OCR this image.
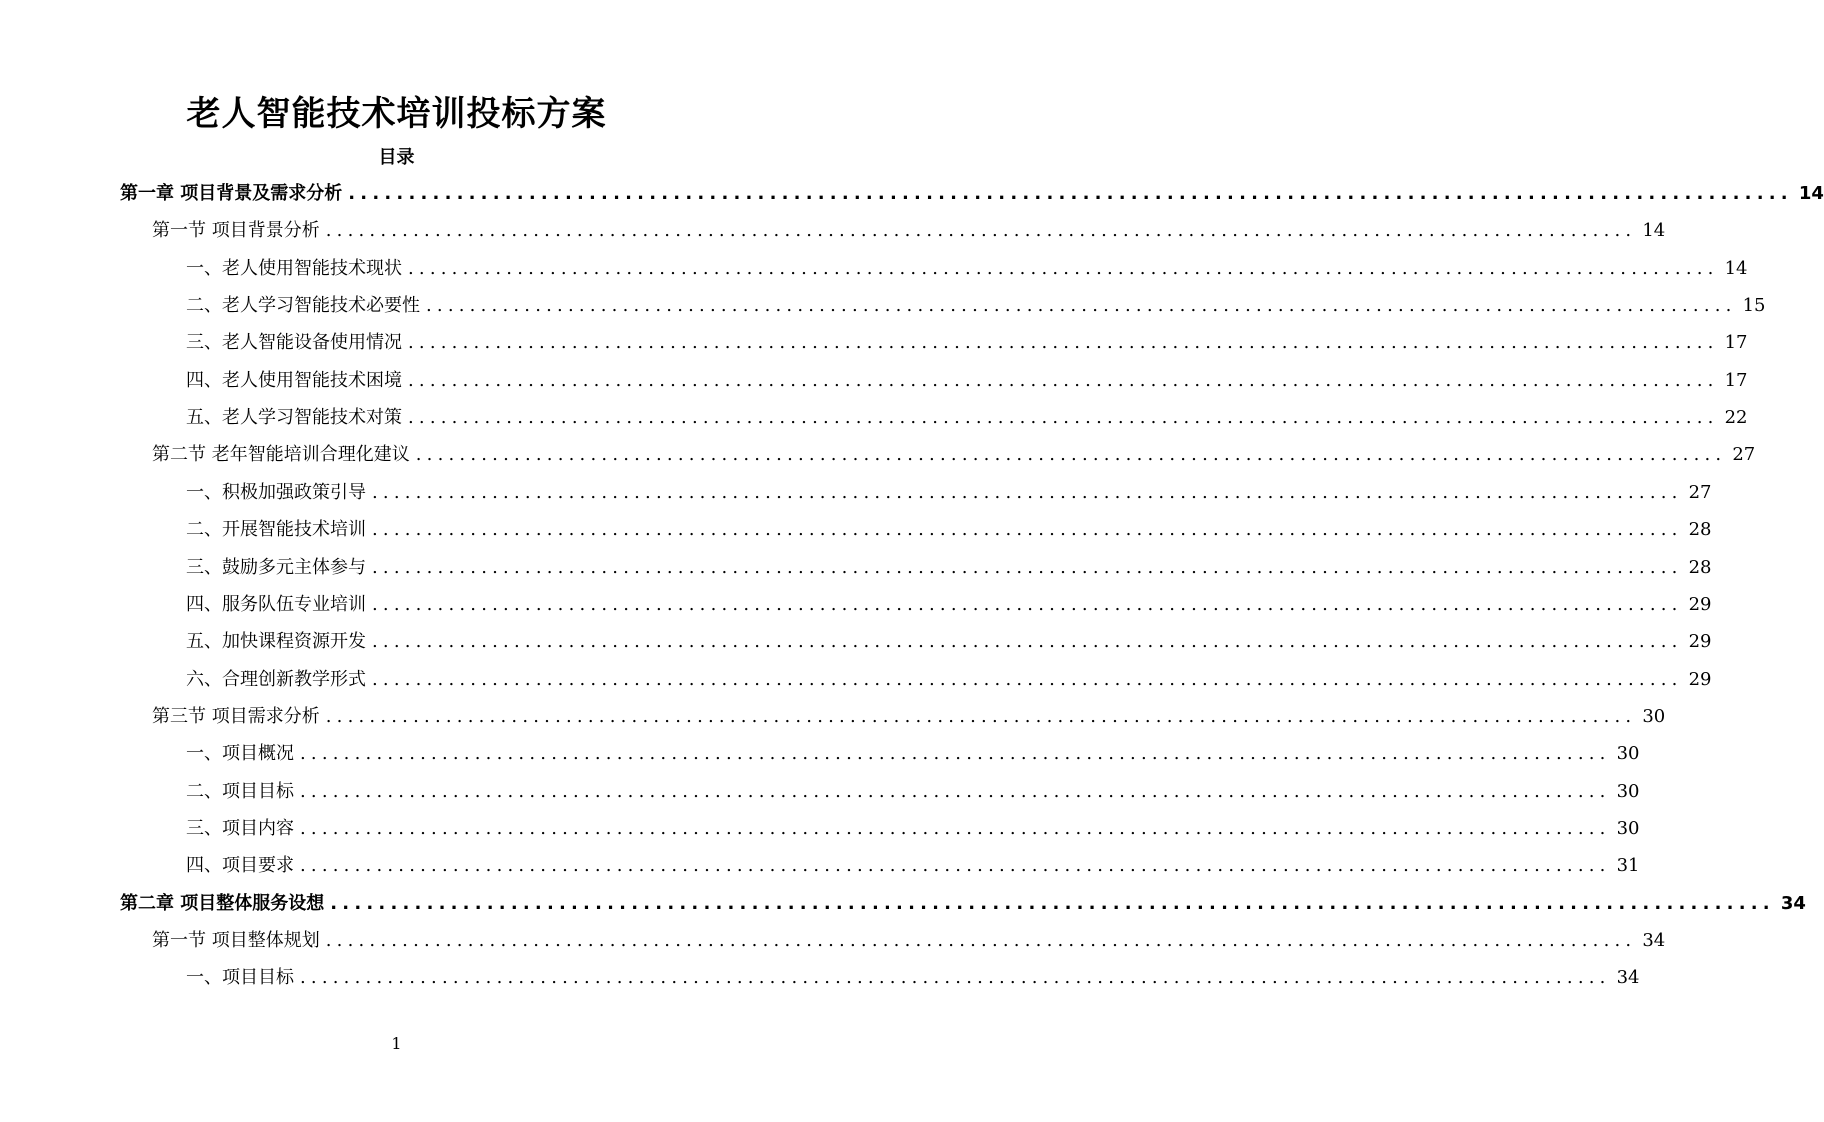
老人智能技术培训投标方案
目录
第一章 项目背景及需求分析 ........................................................................................................................ 14
第一节 项目背景分析 ........................................................................................................................ 14
一、老人使用智能技术现状 ........................................................................................................................ 14
二、老人学习智能技术必要性 ........................................................................................................................ 15
三、老人智能设备使用情况 ........................................................................................................................ 17
四、老人使用智能技术困境 ........................................................................................................................ 17
五、老人学习智能技术对策 ........................................................................................................................ 22
第二节 老年智能培训合理化建议 ........................................................................................................................ 27
一、积极加强政策引导 ........................................................................................................................ 27
二、开展智能技术培训 ........................................................................................................................ 28
三、鼓励多元主体参与 ........................................................................................................................ 28
四、服务队伍专业培训 ........................................................................................................................ 29
五、加快课程资源开发 ........................................................................................................................ 29
六、合理创新教学形式 ........................................................................................................................ 29
第三节 项目需求分析 ........................................................................................................................ 30
一、项目概况 ........................................................................................................................ 30
二、项目目标 ........................................................................................................................ 30
三、项目内容 ........................................................................................................................ 30
四、项目要求 ........................................................................................................................ 31
第二章 项目整体服务设想 ........................................................................................................................ 34
第一节 项目整体规划 ........................................................................................................................ 34
一、项目目标 ........................................................................................................................ 34
1
